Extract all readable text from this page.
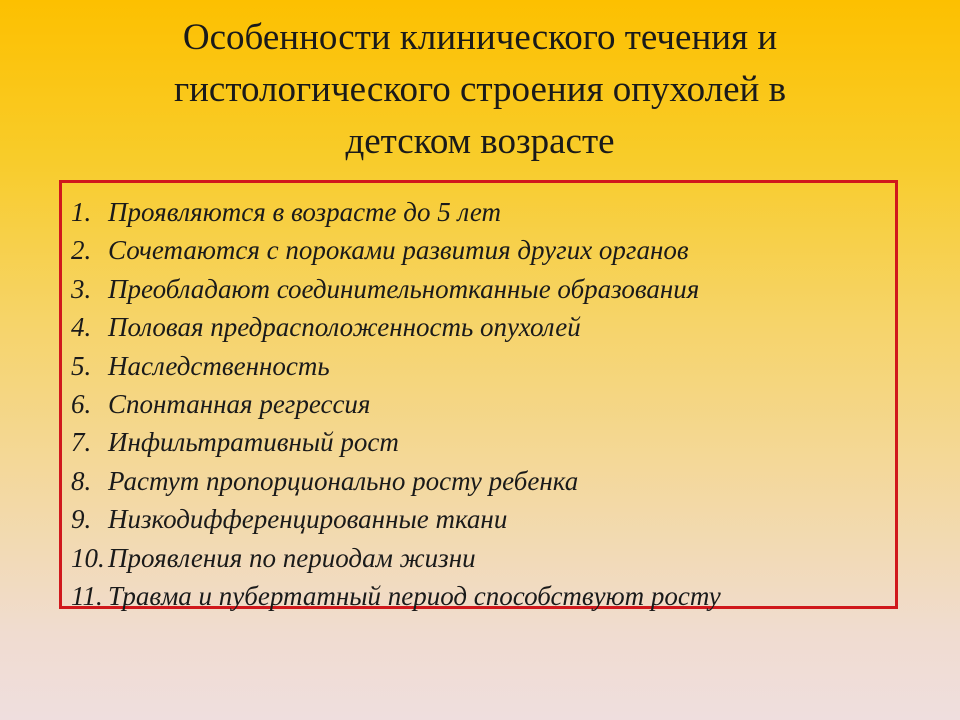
Особенности клинического течения и
гистологического строения опухолей в
детском возрасте
1. Проявляются в возрасте до 5 лет
2. Сочетаются с пороками развития других органов
3. Преобладают соединительнотканные образования
4. Половая предрасположенность опухолей
5. Наследственность
6. Спонтанная регрессия
7. Инфильтративный рост
8. Растут пропорционально росту ребенка
9. Низкодифференцированные ткани
10. Проявления по периодам жизни
11. Травма и пубертатный период способствуют росту
